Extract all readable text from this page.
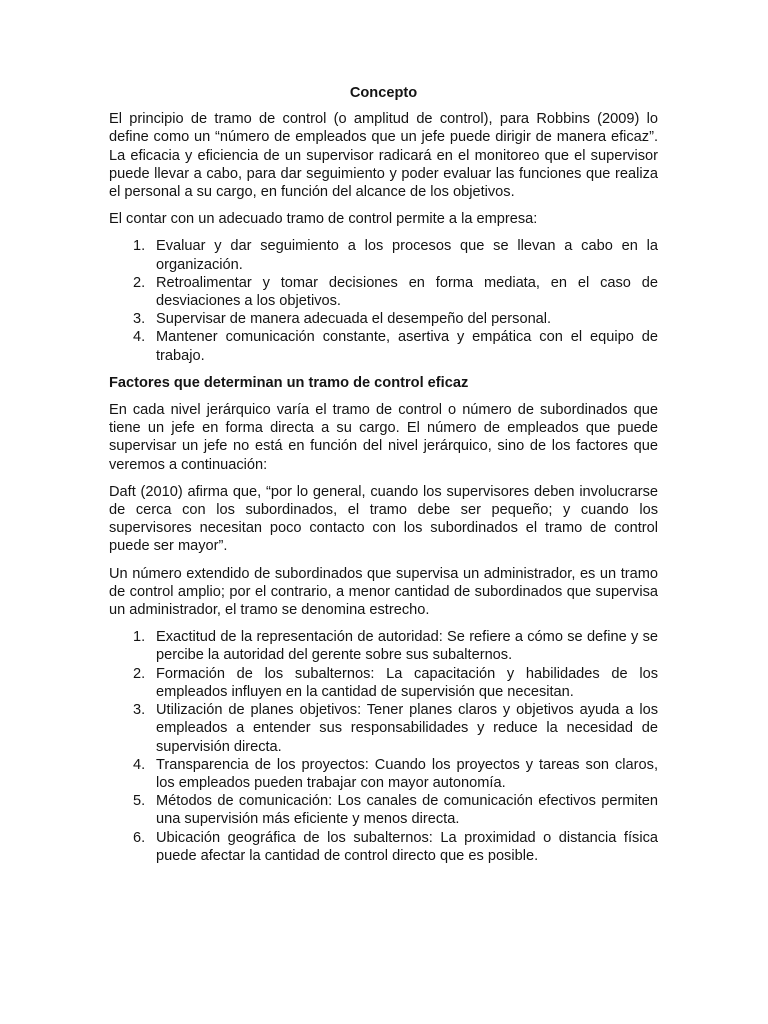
Concepto
El principio de tramo de control (o amplitud de control), para Robbins (2009) lo define como un “número de empleados que un jefe puede dirigir de manera eficaz”. La eficacia y eficiencia de un supervisor radicará en el monitoreo que el supervisor puede llevar a cabo, para dar seguimiento y poder evaluar las funciones que realiza el personal a su cargo, en función del alcance de los objetivos.
El contar con un adecuado tramo de control permite a la empresa:
1. Evaluar y dar seguimiento a los procesos que se llevan a cabo en la organización.
2. Retroalimentar y tomar decisiones en forma mediata, en el caso de desviaciones a los objetivos.
3. Supervisar de manera adecuada el desempeño del personal.
4. Mantener comunicación constante, asertiva y empática con el equipo de trabajo.
Factores que determinan un tramo de control eficaz
En cada nivel jerárquico varía el tramo de control o número de subordinados que tiene un jefe en forma directa a su cargo. El número de empleados que puede supervisar un jefe no está en función del nivel jerárquico, sino de los factores que veremos a continuación:
Daft (2010) afirma que, “por lo general, cuando los supervisores deben involucrarse de cerca con los subordinados, el tramo debe ser pequeño; y cuando los supervisores necesitan poco contacto con los subordinados el tramo de control puede ser mayor”.
Un número extendido de subordinados que supervisa un administrador, es un tramo de control amplio; por el contrario, a menor cantidad de subordinados que supervisa un administrador, el tramo se denomina estrecho.
1. Exactitud de la representación de autoridad: Se refiere a cómo se define y se percibe la autoridad del gerente sobre sus subalternos.
2. Formación de los subalternos: La capacitación y habilidades de los empleados influyen en la cantidad de supervisión que necesitan.
3. Utilización de planes objetivos: Tener planes claros y objetivos ayuda a los empleados a entender sus responsabilidades y reduce la necesidad de supervisión directa.
4. Transparencia de los proyectos: Cuando los proyectos y tareas son claros, los empleados pueden trabajar con mayor autonomía.
5. Métodos de comunicación: Los canales de comunicación efectivos permiten una supervisión más eficiente y menos directa.
6. Ubicación geográfica de los subalternos: La proximidad o distancia física puede afectar la cantidad de control directo que es posible.
